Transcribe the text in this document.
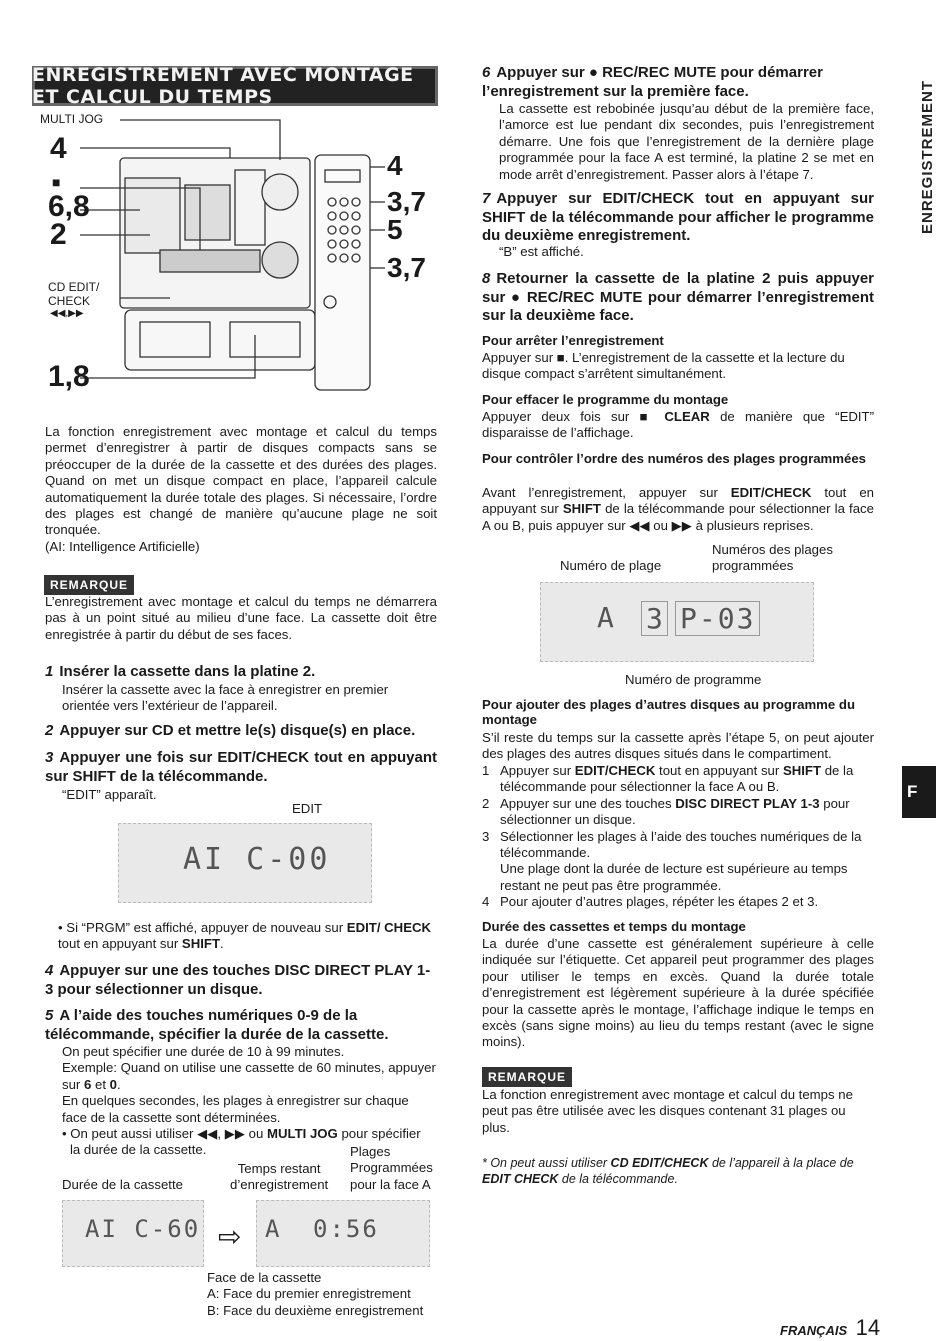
ENREGISTREMENT AVEC MONTAGE ET CALCUL DU TEMPS	ENREGISTREMENT
MULTI JOG
4
■
6,8
2
CD EDIT/
CHECK
◀◀,▶▶
1,8
4
3,7
5
3,7
La fonction enregistrement avec montage et calcul du temps permet d’enregistrer à partir de disques compacts sans se préoccuper de la durée de la cassette et des durées des plages. Quand on met un disque compact en place, l’appareil calcule automatiquement la durée totale des plages. Si nécessaire, l’ordre des plages est changé de manière qu’aucune plage ne soit tronquée.
(AI: Intelligence Artificielle)
REMARQUE
L’enregistrement avec montage et calcul du temps ne démarrera pas à un point situé au milieu d’une face. La cassette doit être enregistrée à partir du début de ses faces.
1 Insérer la cassette dans la platine 2.
Insérer la cassette avec la face à enregistrer en premier orientée vers l’extérieur de l’appareil.
2 Appuyer sur CD et mettre le(s) disque(s) en place.
3 Appuyer une fois sur EDIT/CHECK tout en appuyant sur SHIFT de la télécommande.
“EDIT” apparaît.
EDIT
AI C-00
• Si “PRGM” est affiché, appuyer de nouveau sur EDIT/ CHECK tout en appuyant sur SHIFT.
4 Appuyer sur une des touches DISC DIRECT PLAY 1-3 pour sélectionner un disque.
5 A l’aide des touches numériques 0-9 de la télécommande, spécifier la durée de la cassette.
On peut spécifier une durée de 10 à 99 minutes.
Exemple: Quand on utilise une cassette de 60 minutes, appuyer sur 6 et 0.
En quelques secondes, les plages à enregistrer sur chaque face de la cassette sont déterminées.
• On peut aussi utiliser ◀◀, ▶▶ ou MULTI JOG pour spécifier
la durée de la cassette.
Durée de la cassette
Temps restant
d’enregistrement
Plages
Programmées
pour la face A
AI C-60 ⇨ A 0:56
Face de la cassette
A: Face du premier enregistrement
B: Face du deuxième enregistrement
6 Appuyer sur ● REC/REC MUTE pour démarrer l’enregistrement sur la première face.
La cassette est rebobinée jusqu’au début de la première face, l’amorce est lue pendant dix secondes, puis l’enregistrement démarre. Une fois que l’enregistrement de la dernière plage programmée pour la face A est terminé, la platine 2 se met en mode arrêt d’enregistrement. Passer alors à l’étape 7.
7 Appuyer sur EDIT/CHECK tout en appuyant sur SHIFT de la télécommande pour afficher le programme du deuxième enregistrement.
“B” est affiché.
8 Retourner la cassette de la platine 2 puis appuyer sur ● REC/REC MUTE pour démarrer l’enregistrement sur la deuxième face.
Pour arrêter l’enregistrement
Appuyer sur ■. L’enregistrement de la cassette et la lecture du disque compact s’arrêtent simultanément.
Pour effacer le programme du montage
Appuyer deux fois sur ■ CLEAR de manière que “EDIT” disparaisse de l’affichage.
Pour contrôler l’ordre des numéros des plages programmées
Avant l’enregistrement, appuyer sur EDIT/CHECK tout en appuyant sur SHIFT de la télécommande pour sélectionner la face A ou B, puis appuyer sur ◀◀ ou ▶▶ à plusieurs reprises.
Numéros des plages
programmées
Numéro de plage
A 3 P-03
Numéro de programme
Pour ajouter des plages d’autres disques au programme du montage
S’il reste du temps sur la cassette après l’étape 5, on peut ajouter des plages des autres disques situés dans le compartiment.
1 Appuyer sur EDIT/CHECK tout en appuyant sur SHIFT de la télécommande pour sélectionner la face A ou B.
2 Appuyer sur une des touches DISC DIRECT PLAY 1-3 pour sélectionner un disque.
3 Sélectionner les plages à l’aide des touches numériques de la télécommande.
Une plage dont la durée de lecture est supérieure au temps restant ne peut pas être programmée.
4 Pour ajouter d’autres plages, répéter les étapes 2 et 3.
Durée des cassettes et temps du montage
La durée d’une cassette est généralement supérieure à celle indiquée sur l’étiquette. Cet appareil peut programmer des plages pour utiliser le temps en excès. Quand la durée totale d’enregistrement est légèrement supérieure à la durée spécifiée pour la cassette après le montage, l’affichage indique le temps en excès (sans signe moins) au lieu du temps restant (avec le signe moins).
REMARQUE
La fonction enregistrement avec montage et calcul du temps ne peut pas être utilisée avec les disques contenant 31 plages ou plus.
* On peut aussi utiliser CD EDIT/CHECK de l’appareil à la place de EDIT CHECK de la télécommande.
F
FRANÇAIS 14
